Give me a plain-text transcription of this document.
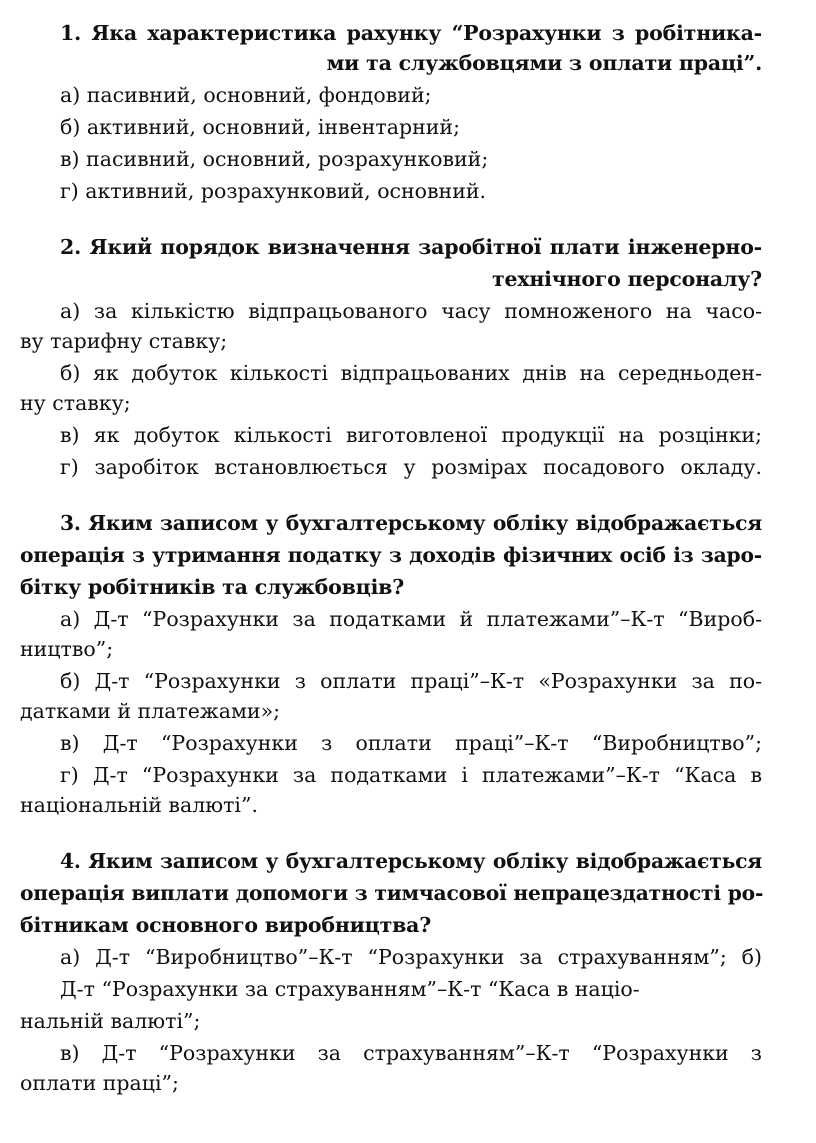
1. Яка характеристика рахунку “Розрахунки з робітника-
ми та службовцями з оплати праці”.
а) пасивний, основний, фондовий;
б) активний, основний, інвентарний;
в) пасивний, основний, розрахунковий;
г) активний, розрахунковий, основний.
2. Який порядок визначення заробітної плати інженерно-
технічного персоналу?
а) за кількістю відпрацьованого часу помноженого на часо-
ву тарифну ставку;
б) як добуток кількості відпрацьованих днів на середньоден-
ну ставку;
в) як добуток кількості виготовленої продукції на розцінки;
г) заробіток встановлюється у розмірах посадового окладу.
3. Яким записом у бухгалтерському обліку відображається
операція з утримання податку з доходів фізичних осіб із заро-
бітку робітників та службовців?
а) Д-т “Розрахунки за податками й платежами”–К-т “Вироб-
ництво”;
б) Д-т “Розрахунки з оплати праці”–К-т «Розрахунки за по-
датками й платежами»;
в) Д-т “Розрахунки з оплати праці”–К-т “Виробництво”;
г) Д-т “Розрахунки за податками і платежами”–К-т “Каса в
національній валюті”.
4. Яким записом у бухгалтерському обліку відображається
операція виплати допомоги з тимчасової непрацездатності ро-
бітникам основного виробництва?
а) Д-т “Виробництво”–К-т “Розрахунки за страхуванням”; б)
Д-т “Розрахунки за страхуванням”–К-т “Каса в націо-
нальній валюті”;
в) Д-т “Розрахунки за страхуванням”–К-т “Розрахунки з
оплати праці”;
